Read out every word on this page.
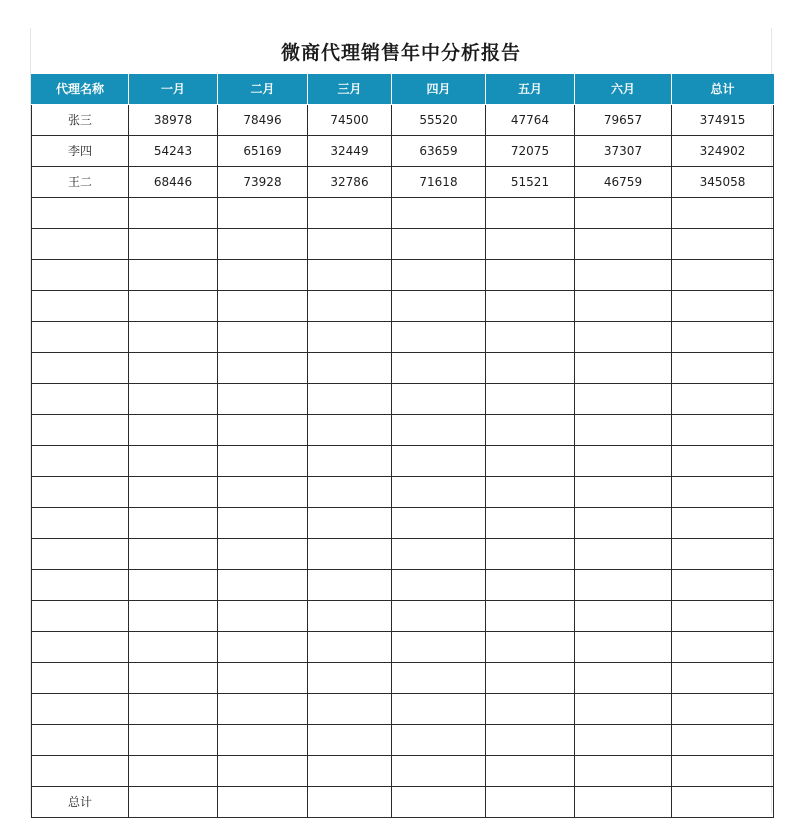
微商代理销售年中分析报告
代理名称	一月	二月	三月	四月	五月	六月	总计
张三	38978	78496	74500	55520	47764	79657	374915
李四	54243	65169	32449	63659	72075	37307	324902
王二	68446	73928	32786	71618	51521	46759	345058

总计							
